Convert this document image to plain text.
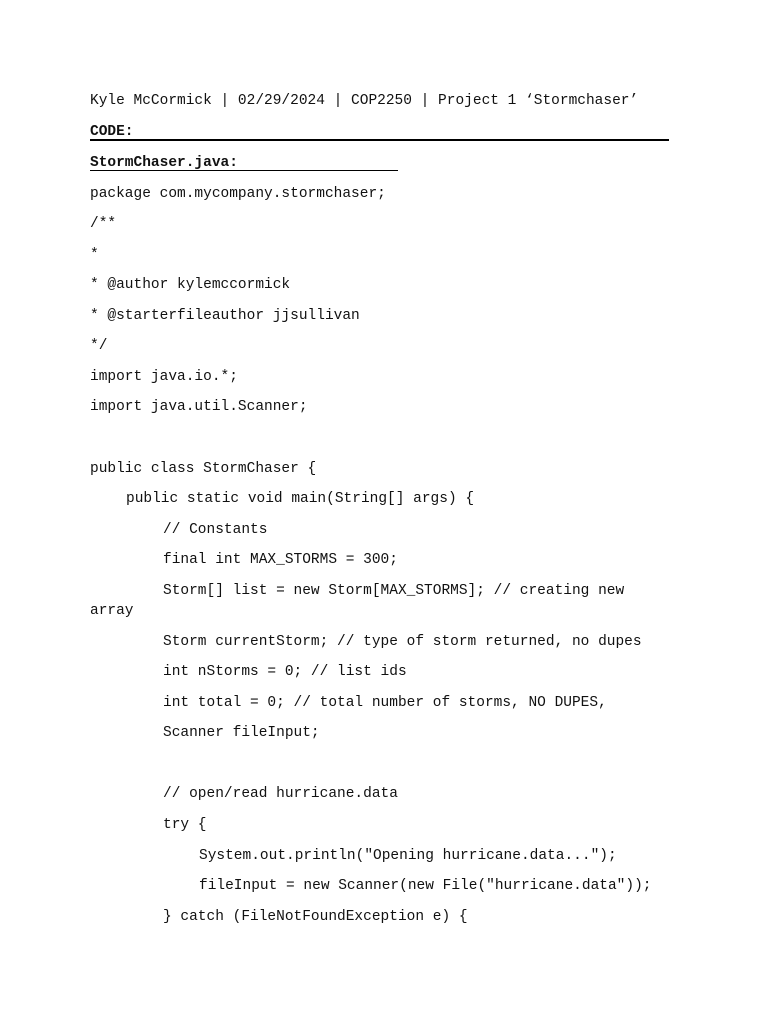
Kyle McCormick | 02/29/2024 | COP2250 | Project 1 ‘Stormchaser’
CODE:
StormChaser.java:
package com.mycompany.stormchaser;
/**
*
* @author kylemccormick
* @starterfileauthor jjsullivan
*/
import java.io.*;
import java.util.Scanner;
public class StormChaser {
public static void main(String[] args) {
// Constants
final int MAX_STORMS = 300;
Storm[] list = new Storm[MAX_STORMS]; // creating new
array
Storm currentStorm; // type of storm returned, no dupes
int nStorms = 0; // list ids
int total = 0; // total number of storms, NO DUPES,
Scanner fileInput;
// open/read hurricane.data
try {
System.out.println("Opening hurricane.data...");
fileInput = new Scanner(new File("hurricane.data"));
} catch (FileNotFoundException e) {
